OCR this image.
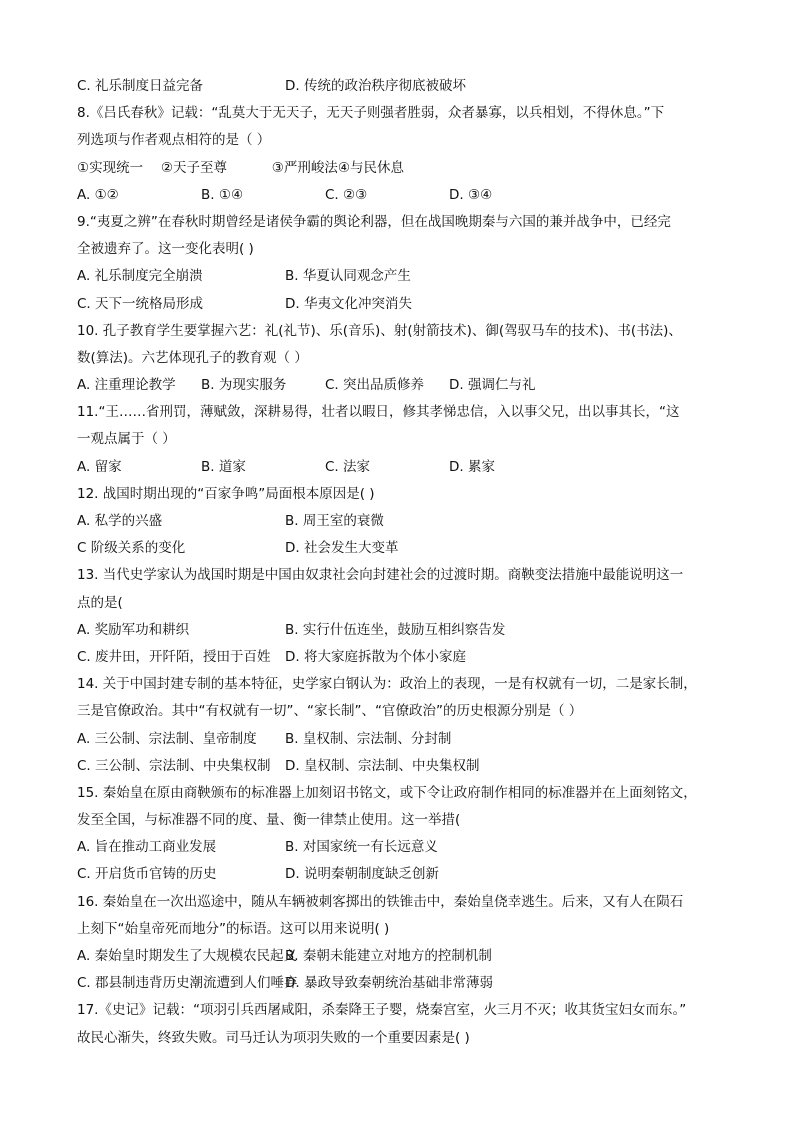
C. 礼乐制度日益完备	D. 传统的政治秩序彻底被破坏
8.《吕氏春秋》记载：“乱莫大于无天子，无天子则强者胜弱，众者暴寡，以兵相划，不得休息。”下
列选项与作者观点相符的是（ ）
①实现统一　 ②天子至尊　　　 ③严刑峻法④与民休息
A. ①②	B. ①④	C. ②③	D. ③④
9.“夷夏之辨”在春秋时期曾经是诸侯争霸的舆论利器，但在战国晚期秦与六国的兼并战争中，已经完
全被遗弃了。这一变化表明( )
A. 礼乐制度完全崩溃	B. 华夏认同观念产生
C. 天下一统格局形成	D. 华夷文化冲突消失
10. 孔子教育学生要掌握六艺：礼(礼节)、乐(音乐)、射(射箭技术)、御(驾驭马车的技术)、书(书法)、
数(算法)。六艺体现孔子的教育观（ ）
A. 注重理论教学	B. 为现实服务	C. 突出品质修养	D. 强调仁与礼
11.“王……省刑罚，薄赋敛，深耕易得，壮者以暇日，修其孝悌忠信，入以事父兄，出以事其长，“这
一观点属于（ ）
A. 留家	B. 道家	C. 法家	D. 累家
12. 战国时期出现的“百家争鸣”局面根本原因是( )
A. 私学的兴盛	B. 周王室的衰微
C 阶级关系的变化	D. 社会发生大变革
13. 当代史学家认为战国时期是中国由奴隶社会向封建社会的过渡时期。商鞅变法措施中最能说明这一
点的是(
A. 奖励军功和耕织	B. 实行什伍连坐，鼓励互相纠察告发
C. 废井田，开阡陌，授田于百姓	D. 将大家庭拆散为个体小家庭
14. 关于中国封建专制的基本特征，史学家白钢认为：政治上的表现，一是有权就有一切，二是家长制，
三是官僚政治。其中“有权就有一切”、“家长制”、“官僚政治”的历史根源分别是（ ）
A. 三公制、宗法制、皇帝制度	B. 皇权制、宗法制、分封制
C. 三公制、宗法制、中央集权制	D. 皇权制、宗法制、中央集权制
15. 秦始皇在原由商鞅颁布的标准器上加刻诏书铭文，或下令让政府制作相同的标准器并在上面刻铭文，
发至全国，与标准器不同的度、量、衡一律禁止使用。这一举措(
A. 旨在推动工商业发展	B. 对国家统一有长远意义
C. 开启货币官铸的历史	D. 说明秦朝制度缺乏创新
16. 秦始皇在一次出巡途中，随从车辆被刺客掷出的铁锥击中，秦始皇侥幸逃生。后来，又有人在陨石
上刻下“始皇帝死而地分”的标语。这可以用来说明( )
A. 秦始皇时期发生了大规模农民起义
B. 秦朝未能建立对地方的控制机制
C. 郡县制违背历史潮流遭到人们唾弃
D. 暴政导致秦朝统治基础非常薄弱
17.《史记》记载：“项羽引兵西屠咸阳，杀秦降王子婴，烧秦宫室，火三月不灭；收其货宝妇女而东。”
故民心渐失，终致失败。司马迁认为项羽失败的一个重要因素是( )
